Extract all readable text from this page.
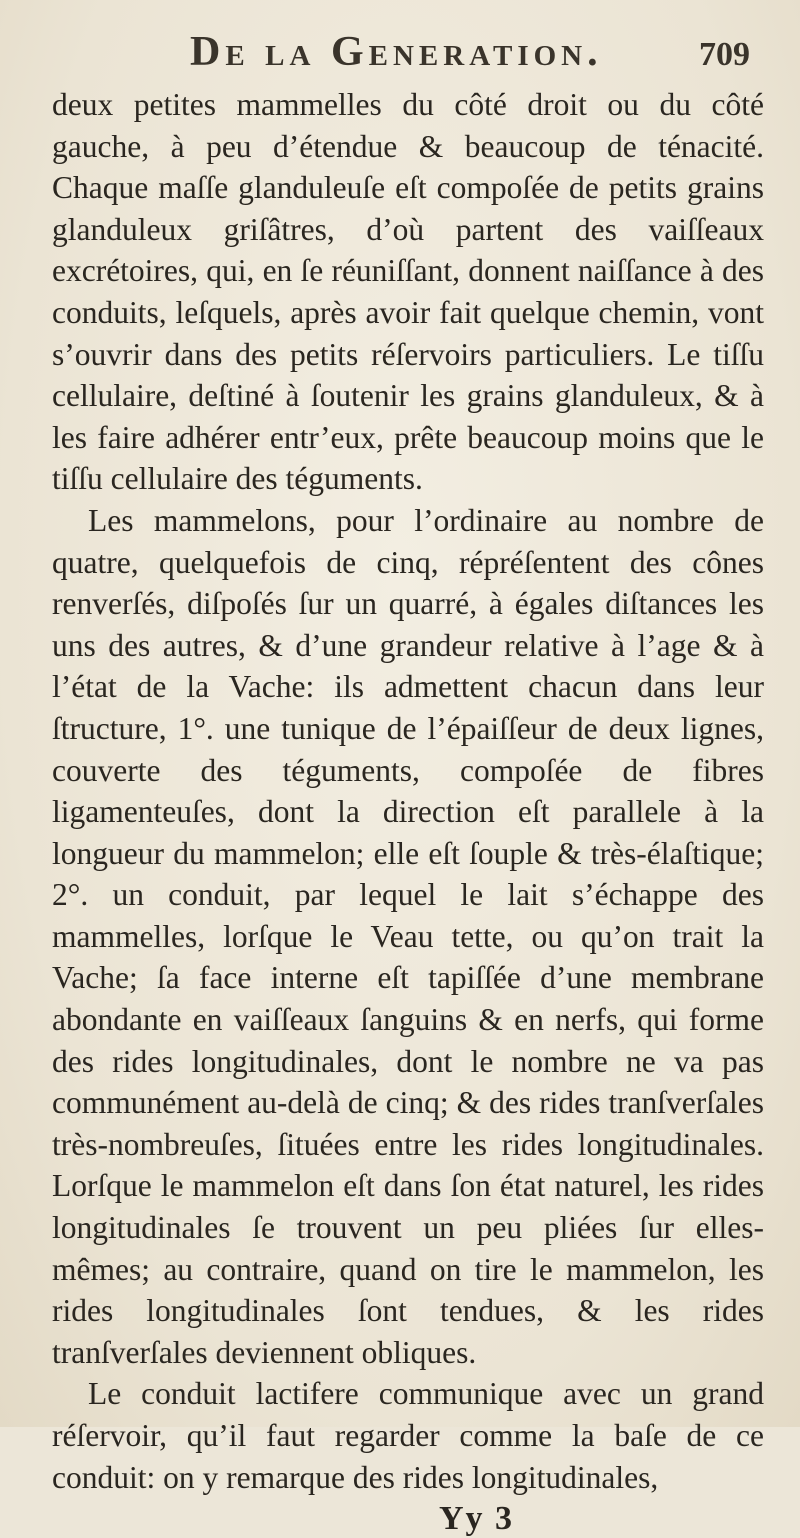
De la Generation.	709

deux petites mammelles du côté droit ou du côté gauche, à peu d’étendue & beaucoup de ténacité. Chaque maſſe glanduleuſe eſt compoſée de petits grains glanduleux griſâtres, d’où partent des vaiſſeaux excrétoires, qui, en ſe réuniſſant, donnent naiſſance à des conduits, leſquels, après avoir fait quelque chemin, vont s’ouvrir dans des petits réſervoirs particuliers. Le tiſſu cellulaire, deſtiné à ſoutenir les grains glanduleux, & à les faire adhérer entr’eux, prête beaucoup moins que le tiſſu cellulaire des téguments.

Les mammelons, pour l’ordinaire au nombre de quatre, quelquefois de cinq, répréſentent des cônes renverſés, diſpoſés ſur un quarré, à égales diſtances les uns des autres, & d’une grandeur relative à l’age & à l’état de la Vache: ils admettent chacun dans leur ſtructure, 1°. une tunique de l’épaiſſeur de deux lignes, couverte des téguments, compoſée de fibres ligamenteuſes, dont la direction eſt parallele à la longueur du mammelon; elle eſt ſouple & très-élaſtique; 2°. un conduit, par lequel le lait s’échappe des mammelles, lorſque le Veau tette, ou qu’on trait la Vache; ſa face interne eſt tapiſſée d’une membrane abondante en vaiſſeaux ſanguins & en nerfs, qui forme des rides longitudinales, dont le nombre ne va pas communément au-delà de cinq; & des rides tranſverſales très-nombreuſes, ſituées entre les rides longitudinales. Lorſque le mammelon eſt dans ſon état naturel, les rides longitudinales ſe trouvent un peu pliées ſur elles-mêmes; au contraire, quand on tire le mammelon, les rides longitudinales ſont tendues, & les rides tranſverſales deviennent obliques.

Le conduit lactifere communique avec un grand réſervoir, qu’il faut regarder comme la baſe de ce conduit: on y remarque des rides longitudinales,

Yy 3
